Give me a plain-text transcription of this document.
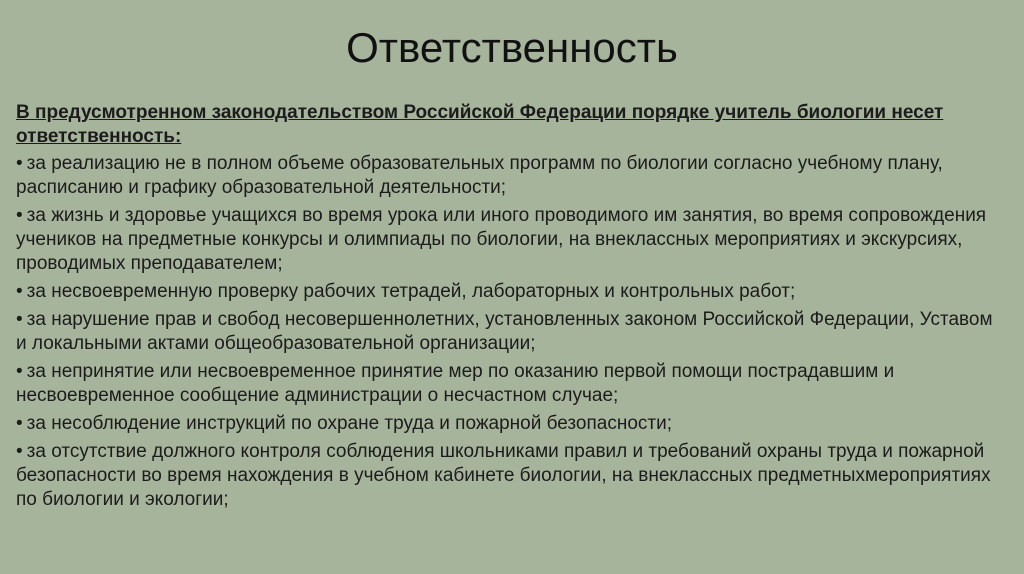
Ответственность

В предусмотренном законодательством Российской Федерации порядке учитель биологии несет ответственность:

• за реализацию не в полном объеме образовательных программ по биологии согласно учебному плану, расписанию и графику образовательной деятельности;
• за жизнь и здоровье учащихся во время урока или иного проводимого им занятия, во время сопровождения учеников на предметные конкурсы и олимпиады по биологии, на внеклассных мероприятиях и экскурсиях, проводимых преподавателем;
• за несвоевременную проверку рабочих тетрадей, лабораторных и контрольных работ;
• за нарушение прав и свобод несовершеннолетних, установленных законом Российской Федерации, Уставом и локальными актами общеобразовательной организации;
• за непринятие или несвоевременное принятие мер по оказанию первой помощи пострадавшим и несвоевременное сообщение администрации о несчастном случае;
• за несоблюдение инструкций по охране труда и пожарной безопасности;
• за отсутствие должного контроля соблюдения школьниками правил и требований охраны труда и пожарной безопасности во время нахождения в учебном кабинете биологии, на внеклассных предметныхмероприятиях по биологии и экологии;
